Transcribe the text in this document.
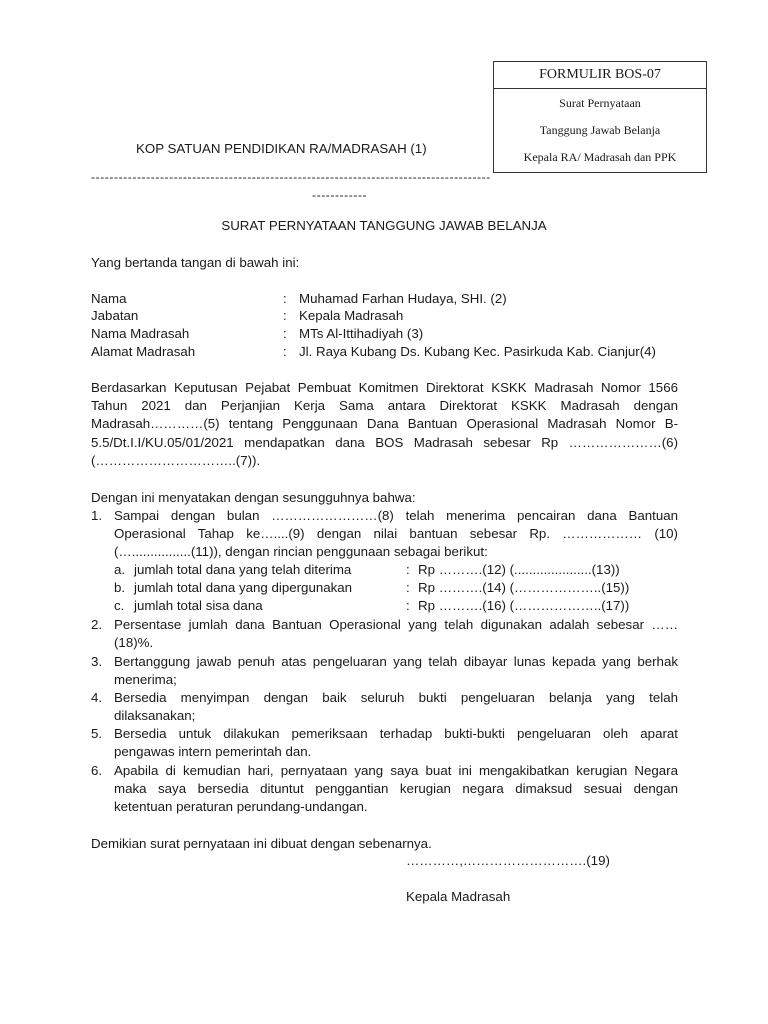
FORMULIR BOS-07
Surat Pernyataan
Tanggung Jawab Belanja
Kepala RA/ Madrasah dan PPK
KOP SATUAN PENDIDIKAN RA/MADRASAH (1)
---------------------------------------------------------------------------------------
------------
SURAT PERNYATAAN TANGGUNG JAWAB BELANJA
Yang bertanda tangan di bawah ini:
Nama	: Muhamad Farhan Hudaya, SHI. (2)
Jabatan	: Kepala Madrasah
Nama Madrasah	: MTs Al-Ittihadiyah (3)
Alamat Madrasah	: Jl. Raya Kubang Ds. Kubang Kec. Pasirkuda Kab. Cianjur(4)
Berdasarkan Keputusan Pejabat Pembuat Komitmen Direktorat KSKK Madrasah Nomor 1566
Tahun 2021 dan Perjanjian Kerja Sama antara Direktorat KSKK Madrasah dengan
Madrasah…………(5) tentang Penggunaan Dana Bantuan Operasional Madrasah Nomor B-
5.5/Dt.I.I/KU.05/01/2021 mendapatkan dana BOS Madrasah sebesar Rp …………………(6)
(…………………………..(7)).
Dengan ini menyatakan dengan sesungguhnya bahwa:
1. Sampai dengan bulan ……………………(8) telah menerima pencairan dana Bantuan
Operasional Tahap ke…....(9) dengan nilai bantuan sebesar Rp. ……………… (10)
(…................(11)), dengan rincian penggunaan sebagai berikut:
a. jumlah total dana yang telah diterima	: Rp ……….(12) (.....................(13))
b. jumlah total dana yang dipergunakan	: Rp ……….(14) (………………..(15))
c. jumlah total sisa dana	: Rp ……….(16) (………………..(17))
2. Persentase jumlah dana Bantuan Operasional yang telah digunakan adalah sebesar ……
(18)%.
3. Bertanggung jawab penuh atas pengeluaran yang telah dibayar lunas kepada yang berhak
menerima;
4. Bersedia menyimpan dengan baik seluruh bukti pengeluaran belanja yang telah
dilaksanakan;
5. Bersedia untuk dilakukan pemeriksaan terhadap bukti-bukti pengeluaran oleh aparat
pengawas intern pemerintah dan.
6. Apabila di kemudian hari, pernyataan yang saya buat ini mengakibatkan kerugian Negara
maka saya bersedia dituntut penggantian kerugian negara dimaksud sesuai dengan
ketentuan peraturan perundang-undangan.
Demikian surat pernyataan ini dibuat dengan sebenarnya.
…………,……………………….(19)
Kepala Madrasah
